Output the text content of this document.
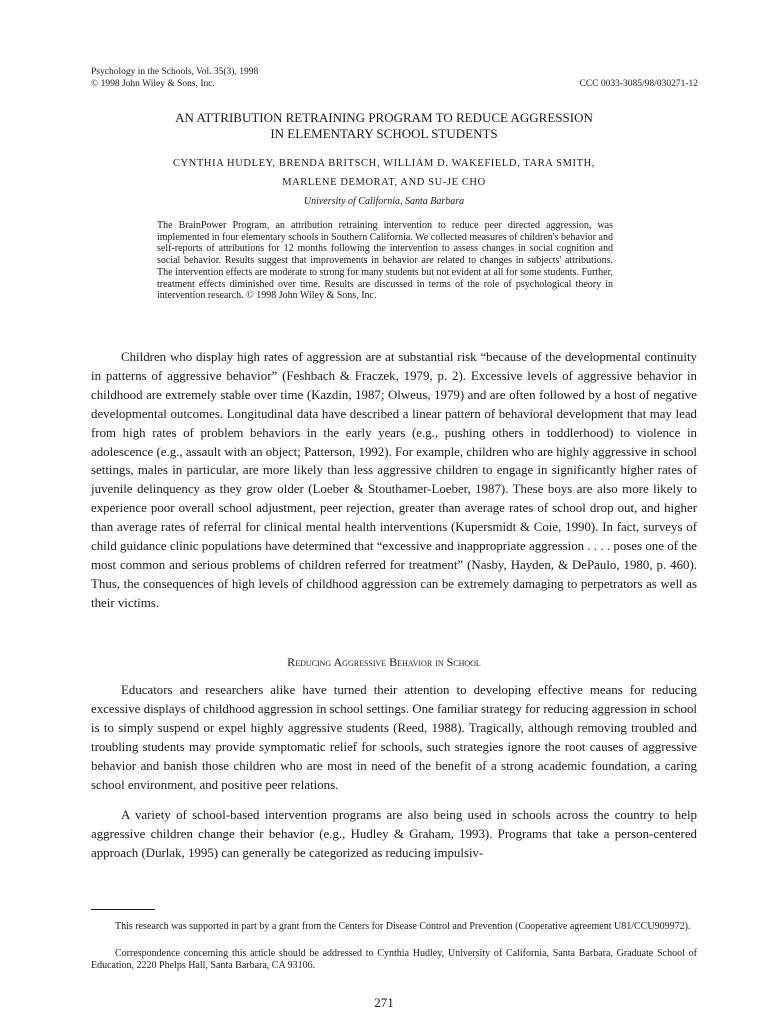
Psychology in the Schools, Vol. 35(3), 1998
© 1998 John Wiley & Sons, Inc.	CCC 0033-3085/98/030271-12
AN ATTRIBUTION RETRAINING PROGRAM TO REDUCE AGGRESSION
IN ELEMENTARY SCHOOL STUDENTS
CYNTHIA HUDLEY, BRENDA BRITSCH, WILLIAM D. WAKEFIELD, TARA SMITH,
MARLENE DEMORAT, AND SU-JE CHO
University of California, Santa Barbara

The BrainPower Program, an attribution retraining intervention to reduce peer directed aggression, was implemented in four elementary schools in Southern California. We collected measures of children's behavior and self-reports of attributions for 12 months following the intervention to assess changes in social cognition and social behavior. Results suggest that improvements in behavior are related to changes in subjects' attributions. The intervention effects are moderate to strong for many students but not evident at all for some students. Further, treatment effects diminished over time. Results are discussed in terms of the role of psychological theory in intervention research. © 1998 John Wiley & Sons, Inc.

Children who display high rates of aggression are at substantial risk “because of the developmental continuity in patterns of aggressive behavior” (Feshbach & Fraczek, 1979, p. 2). Excessive levels of aggressive behavior in childhood are extremely stable over time (Kazdin, 1987; Olweus, 1979) and are often followed by a host of negative developmental outcomes. Longitudinal data have described a linear pattern of behavioral development that may lead from high rates of problem behaviors in the early years (e.g., pushing others in toddlerhood) to violence in adolescence (e.g., assault with an object; Patterson, 1992). For example, children who are highly aggressive in school settings, males in particular, are more likely than less aggressive children to engage in significantly higher rates of juvenile delinquency as they grow older (Loeber & Stouthamer-Loeber, 1987). These boys are also more likely to experience poor overall school adjustment, peer rejection, greater than average rates of school drop out, and higher than average rates of referral for clinical mental health interventions (Kupersmidt & Coie, 1990). In fact, surveys of child guidance clinic populations have determined that “excessive and inappropriate aggression . . . . poses one of the most common and serious problems of children referred for treatment” (Nasby, Hayden, & DePaulo, 1980, p. 460). Thus, the consequences of high levels of childhood aggression can be extremely damaging to perpetrators as well as their victims.

Reducing Aggressive Behavior in School

Educators and researchers alike have turned their attention to developing effective means for reducing excessive displays of childhood aggression in school settings. One familiar strategy for reducing aggression in school is to simply suspend or expel highly aggressive students (Reed, 1988). Tragically, although removing troubled and troubling students may provide symptomatic relief for schools, such strategies ignore the root causes of aggressive behavior and banish those children who are most in need of the benefit of a strong academic foundation, a caring school environment, and positive peer relations.

A variety of school-based intervention programs are also being used in schools across the country to help aggressive children change their behavior (e.g., Hudley & Graham, 1993). Programs that take a person-centered approach (Durlak, 1995) can generally be categorized as reducing impulsiv-

This research was supported in part by a grant from the Centers for Disease Control and Prevention (Cooperative agreement U81/CCU909972).

Correspondence concerning this article should be addressed to Cynthia Hudley, University of California, Santa Barbara, Graduate School of Education, 2220 Phelps Hall, Santa Barbara, CA 93106.

271
